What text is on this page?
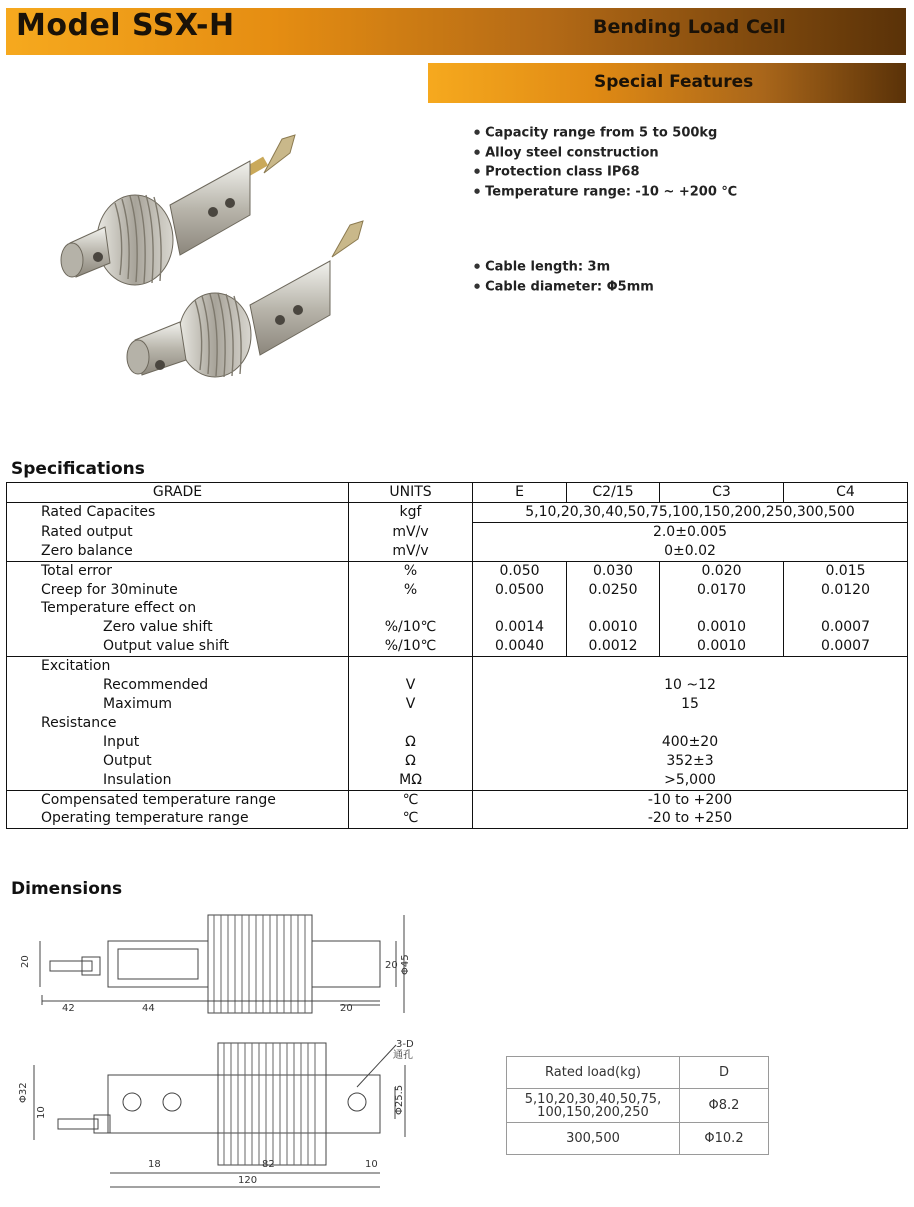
Model SSX-H	Bending Load Cell
Special Features
● Capacity range from 5 to 500kg
● Alloy steel construction
● Protection class IP68
● Temperature range: -10 ~ +200 ℃
● Cable length: 3m
● Cable diameter: Φ5mm
Specifications
GRADE	UNITS	E	C2/15	C3	C4
Rated Capacites	kgf	5,10,20,30,40,50,75,100,150,200,250,300,500			
Rated output	mV/v	2.0±0.005			
Zero balance	mV/v	0±0.02			
Total error	%	0.050	0.030	0.020	0.015
Creep for 30minute	%	0.0500	0.0250	0.0170	0.0120
Temperature effect on					
Zero value shift	%/10℃	0.0014	0.0010	0.0010	0.0007
Output value shift	%/10℃	0.0040	0.0012	0.0010	0.0007
Excitation					
Recommended	V	10 ~12			
Maximum	V	15			
Resistance					
Input	Ω	400±20			
Output	Ω	352±3			
Insulation	MΩ	>5,000			
Compensated temperature range	℃	-10 to +200			
Operating temperature range	℃	-20 to +250			
Dimensions
20	20 Φ45
42	44	20
Φ32
10
3-D
通孔
Φ25.5
18	82	10
120
Rated load(kg)	D
5,10,20,30,40,50,75,
100,150,200,250	Φ8.2
300,500	Φ10.2
